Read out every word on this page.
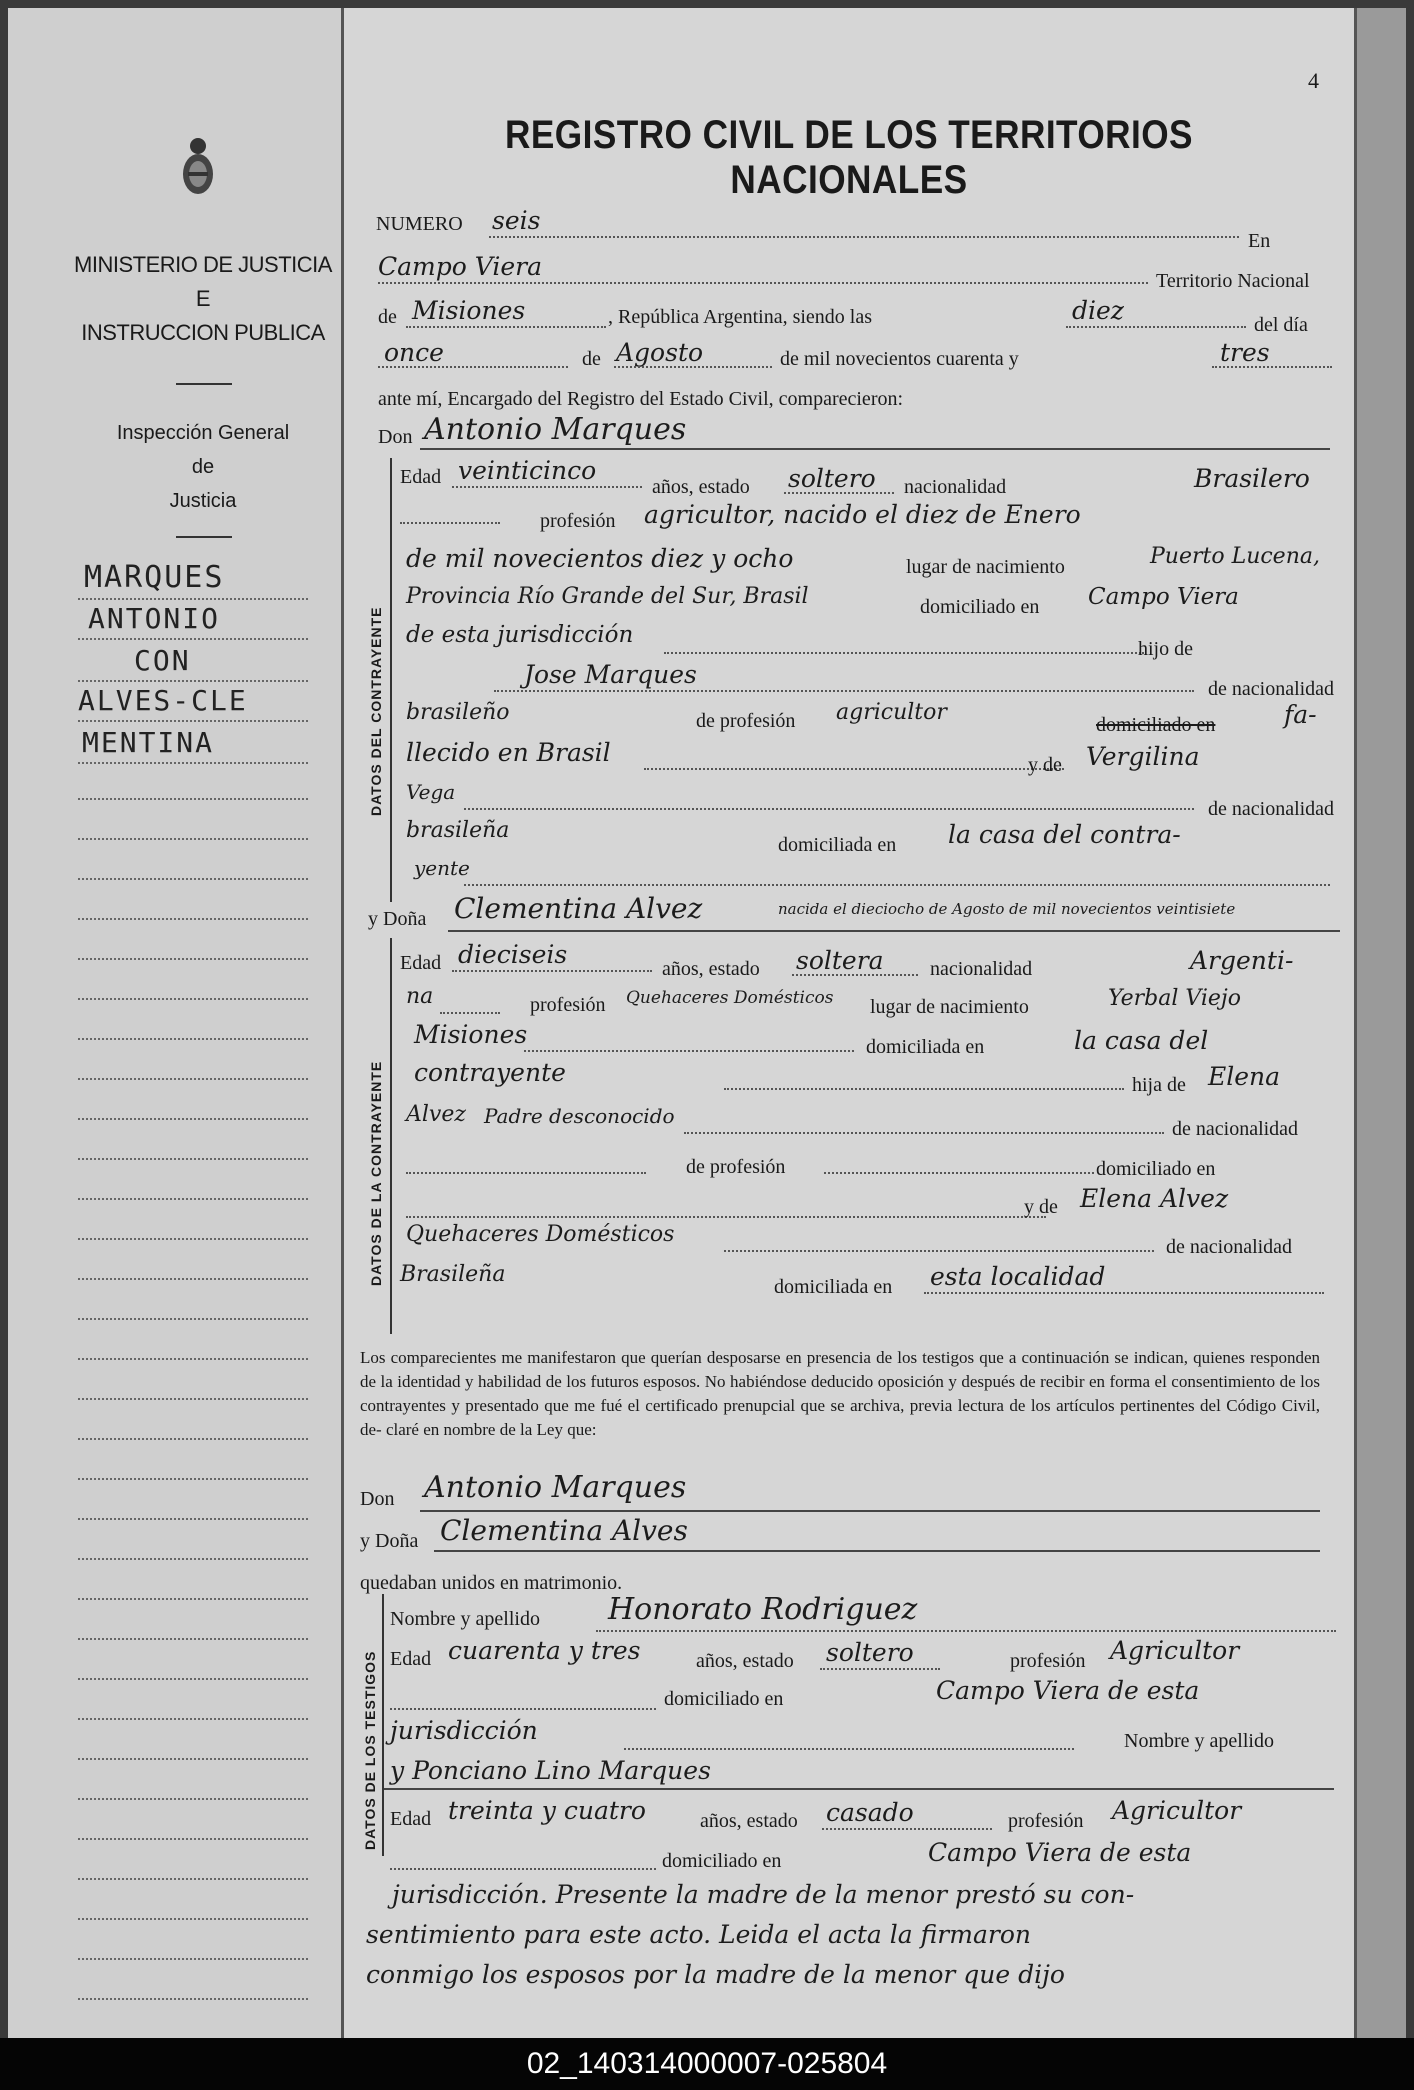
MINISTERIO DE JUSTICIA
E
INSTRUCCION PUBLICA
Inspección General
de
Justicia
MARQUES
ANTONIO
CON
ALVES-CLE
MENTINA
4
REGISTRO CIVIL DE LOS TERRITORIOS NACIONALES
NUMERO seis
En
Campo Viera	Territorio Nacional
de Misiones	, República Argentina, siendo las	diez	del día
once	de Agosto	de mil novecientos cuarenta y	tres
ante mí, Encargado del Registro del Estado Civil, comparecieron:
Don Antonio Marques
DATOS DEL CONTRAYENTE
Edad veinticinco
años, estado soltero nacionalidad	Brasilero
profesión agricultor, nacido el diez de Enero
de mil novecientos diez y ocho	lugar de nacimiento	Puerto Lucena,
Provincia Río Grande del Sur, Brasil	domiciliado en Campo Viera
de esta jurisdicción
hijo de
Jose Marques	de nacionalidad
brasileño	de profesión agricultor	domiciliado en	fa-
llecido en Brasil	y de Vergilina
Vega
de nacionalidad
brasileña
domiciliada en la casa del contra-
yente
y Doña Clementina Alvez	nacida el dieciocho de Agosto de mil novecientos veintisiete
DATOS DE LA CONTRAYENTE
Edad dieciseis	años, estado soltera nacionalidad	Argenti-
na	profesión Quehaceres Domésticos lugar de nacimiento	Yerbal Viejo
Misiones	domiciliada en	la casa del
contrayente	hija de Elena
Alvez Padre desconocido
de nacionalidad
de profesión	domiciliado en
y de Elena Alvez
Quehaceres Domésticos	de nacionalidad
Brasileña	domiciliada en esta localidad
Los comparecientes me manifestaron que querían desposarse en presencia de los testigos que a continuación se indican, quienes responden de la identidad y habilidad de los futuros esposos. No habiéndose deducido oposición y después de recibir en forma el consentimiento de los contrayentes y presentado que me fué el certificado prenupcial que se archiva, previa lectura de los artículos pertinentes del Código Civil, de- claré en nombre de la Ley que:
Don Antonio Marques
y Doña Clementina Alves
quedaban unidos en matrimonio.
DATOS DE LOS TESTIGOS
Nombre y apellido Honorato Rodriguez
Edad cuarenta y tres	años, estado soltero	profesión Agricultor
domiciliado en	Campo Viera de esta
jurisdicción	Nombre y apellido
y Ponciano Lino Marques
Edad treinta y cuatro	años, estado casado	profesión Agricultor
domiciliado en	Campo Viera de esta
jurisdicción. Presente la madre de la menor prestó su con-
sentimiento para este acto. Leida el acta la firmaron
conmigo los esposos por la madre de la menor que dijo
02_140314000007-025804
